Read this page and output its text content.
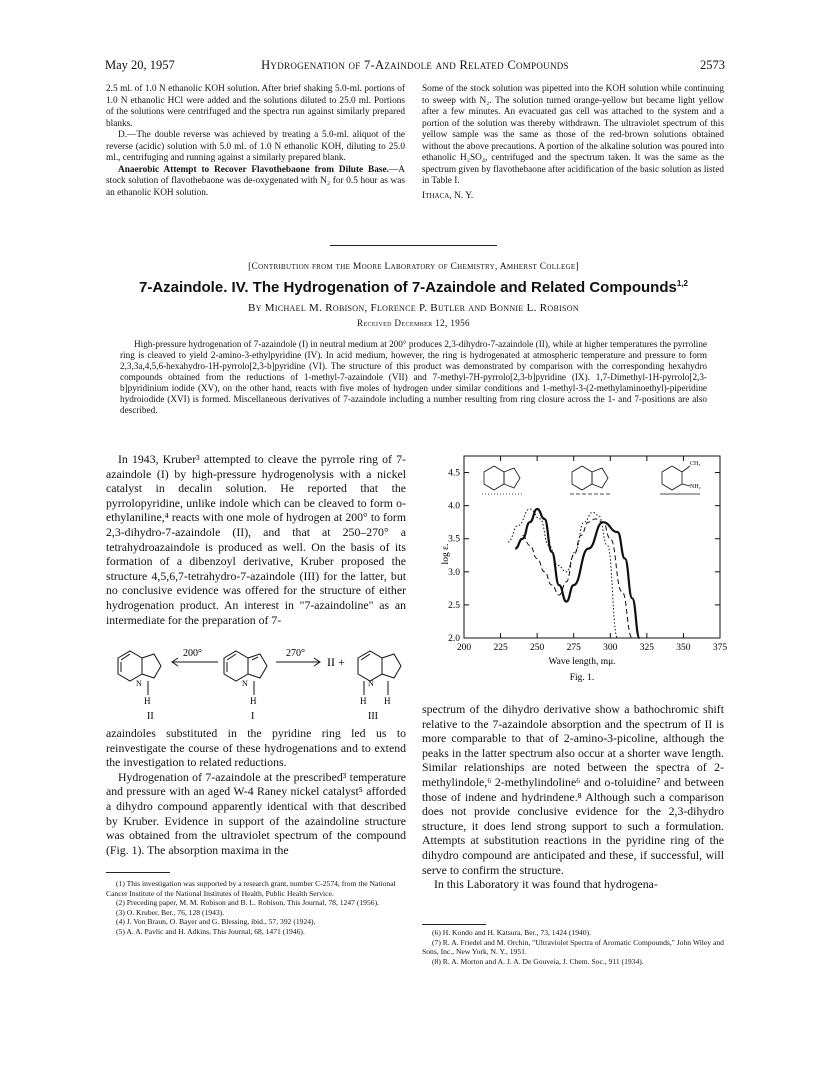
May 20, 1957	Hydrogenation of 7-Azaindole and Related Compounds	2573

2.5 ml. of 1.0 N ethanolic KOH solution. After brief shaking 5.0-ml. portions of 1.0 N ethanolic HCl were added and the solutions diluted to 25.0 ml. Portions of the solutions were centrifuged and the spectra run against similarly prepared blanks.

D.—The double reverse was achieved by treating a 5.0-ml. aliquot of the reverse (acidic) solution with 5.0 ml. of 1.0 N ethanolic KOH, diluting to 25.0 ml., centrifuging and running against a similarly prepared blank.

Anaerobic Attempt to Recover Flavothebaone from Dilute Base.—A stock solution of flavothebaone was de-oxygenated with N₂ for 0.5 hour as was an ethanolic KOH solution.

Some of the stock solution was pipetted into the KOH solution while continuing to sweep with N₂. The solution turned orange-yellow but became light yellow after a few minutes. An evacuated gas cell was attached to the system and a portion of the solution was thereby withdrawn. The ultraviolet spectrum of this yellow sample was the same as those of the red-brown solutions obtained without the above precautions. A portion of the alkaline solution was poured into ethanolic H₂SO₄, centrifuged and the spectrum taken. It was the same as the spectrum given by flavothebaone after acidification of the basic solution as listed in Table I.

Ithaca, N. Y.

[Contribution from the Moore Laboratory of Chemistry, Amherst College]
7-Azaindole. IV. The Hydrogenation of 7-Azaindole and Related Compounds$^{1,2}$
By Michael M. Robison, Florence P. Butler and Bonnie L. Robison
Received December 12, 1956
High-pressure hydrogenation of 7-azaindole (I) in neutral medium at 200° produces 2,3-dihydro-7-azaindole (II), while at higher temperatures the pyrroline ring is cleaved to yield 2-amino-3-ethylpyridine (IV). In acid medium, however, the ring is hydrogenated at atmospheric temperature and pressure to form 2,3,3a,4,5,6-hexahydro-1H-pyrrolo[2,3-b]pyridine (VI). The structure of this product was demonstrated by comparison with the corresponding hexahydro compounds obtained from the reductions of 1-methyl-7-azaindole (VII) and 7-methyl-7H-pyrrolo[2,3-b]pyridine (IX). 1,7-Dimethyl-1H-pyrrolo[2,3-b]pyridinium iodide (XV), on the other hand, reacts with five moles of hydrogen under similar conditions and 1-methyl-3-(2-methylaminoethyl)-piperidine hydroiodide (XVI) is formed. Miscellaneous derivatives of 7-azaindole including a number resulting from ring closure across the 1- and 7-positions are also described.

In 1943, Kruber³ attempted to cleave the pyrrole ring of 7-azaindole (I) by high-pressure hydrogenolysis with a nickel catalyst in decalin solution. He reported that the pyrrolopyridine, unlike indole which can be cleaved to form o-ethylaniline,⁴ reacts with one mole of hydrogen at 200° to form 2,3-dihydro-7-azaindole (II), and that at 250–270° a tetrahydroazaindole is produced as well. On the basis of its formation of a dibenzoyl derivative, Kruber proposed the structure 4,5,6,7-tetrahydro-7-azaindole (III) for the latter, but no conclusive evidence was offered for the structure of either hydrogenation product. An interest in "7-azaindoline" as an intermediate for the preparation of 7-

200°	270°
II +
N
H
N
H
N
H H
II	I	III

azaindoles substituted in the pyridine ring led us to reinvestigate the course of these hydrogenations and to extend the investigation to related reductions.

Hydrogenation of 7-azaindole at the prescribed³ temperature and pressure with an aged W-4 Raney nickel catalyst⁵ afforded a dihydro compound apparently identical with that described by Kruber. Evidence in support of the azaindoline structure was obtained from the ultraviolet spectrum of the compound (Fig. 1). The absorption maxima in the

(1) This investigation was supported by a research grant, number C-2574, from the National Cancer Institute of the National Institutes of Health, Public Health Service.

(2) Preceding paper, M. M. Robison and B. L. Robison, This Journal, 78, 1247 (1956).

(3) O. Kruber, Ber., 76, 128 (1943).

(4) J. Von Braun, O. Bayer and G. Blessing, ibid., 57, 392 (1924).

(5) A. A. Pavlic and H. Adkins, This Journal, 68, 1471 (1946).

200 225 250 275 300 325 350 375
2.0
2.5
3.0
3.5
4.0
4.5
CH₃
NH₂
Wave length, mμ.
log ε.
Fig. 1.

spectrum of the dihydro derivative show a bathochromic shift relative to the 7-azaindole absorption and the spectrum of II is more comparable to that of 2-amino-3-picoline, although the peaks in the latter spectrum also occur at a shorter wave length. Similar relationships are noted between the spectra of 2-methylindole,⁶ 2-methylindoline⁶ and o-toluidine⁷ and between those of indene and hydrindene.⁸ Although such a comparison does not provide conclusive evidence for the 2,3-dihydro structure, it does lend strong support to such a formulation. Attempts at substitution reactions in the pyridine ring of the dihydro compound are anticipated and these, if successful, will serve to confirm the structure.

In this Laboratory it was found that hydrogena-

(6) H. Kondo and H. Katsura, Ber., 73, 1424 (1940).

(7) R. A. Friedel and M. Orchin, "Ultraviolet Spectra of Aromatic Compounds," John Wiley and Sons, Inc., New York, N. Y., 1951.

(8) R. A. Morton and A. J. A. De Gouveia, J. Chem. Soc., 911 (1934).
